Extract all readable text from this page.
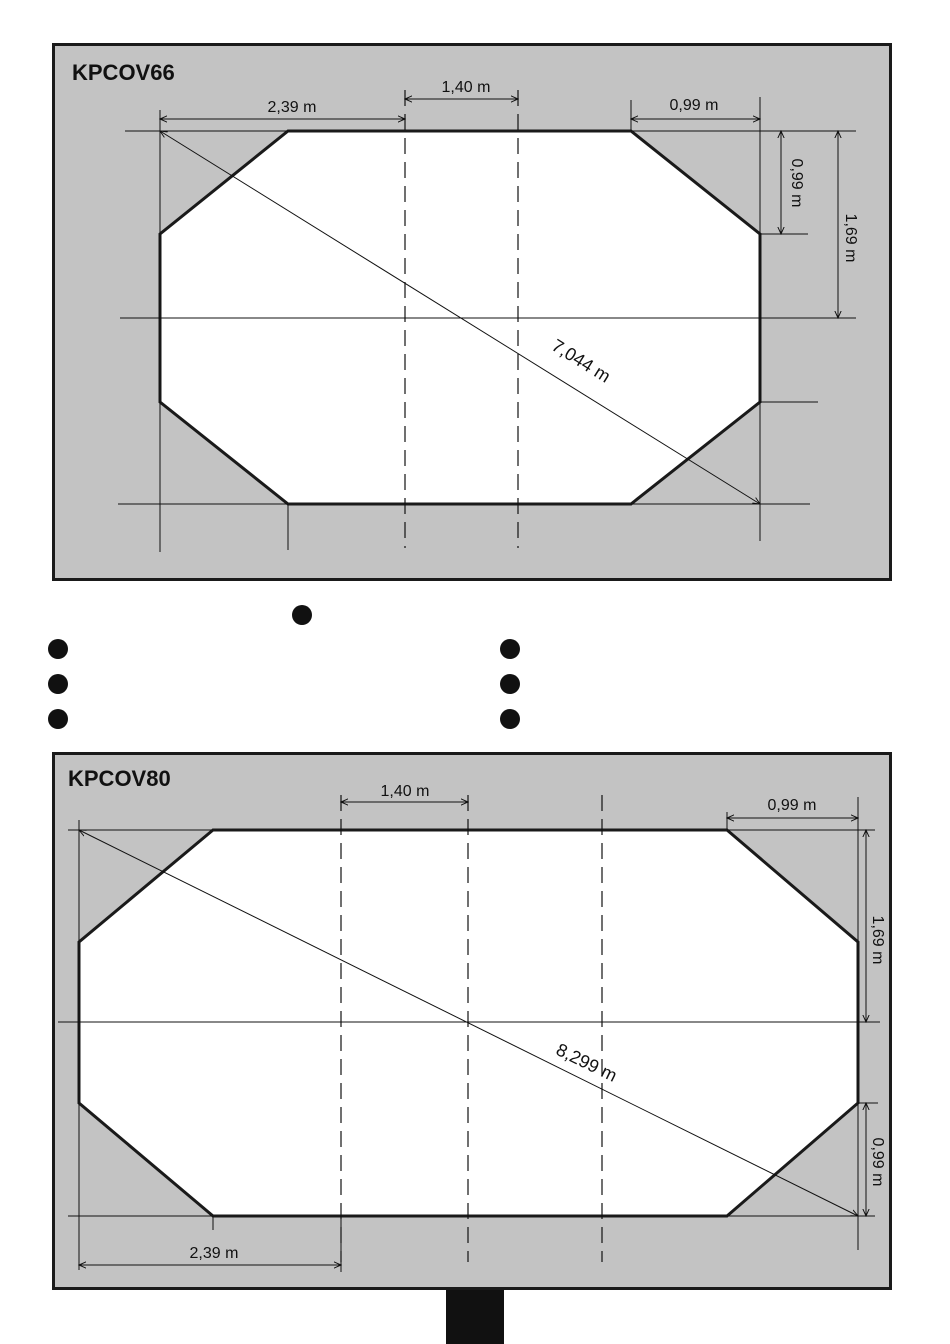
KPCOV66
1,40 m
2,39 m	0,99 m
0,99 m
1,69 m
7,044 m
KPCOV80
1,40 m
0,99 m
1,69 m
0,99 m
2,39 m
8,299 m
